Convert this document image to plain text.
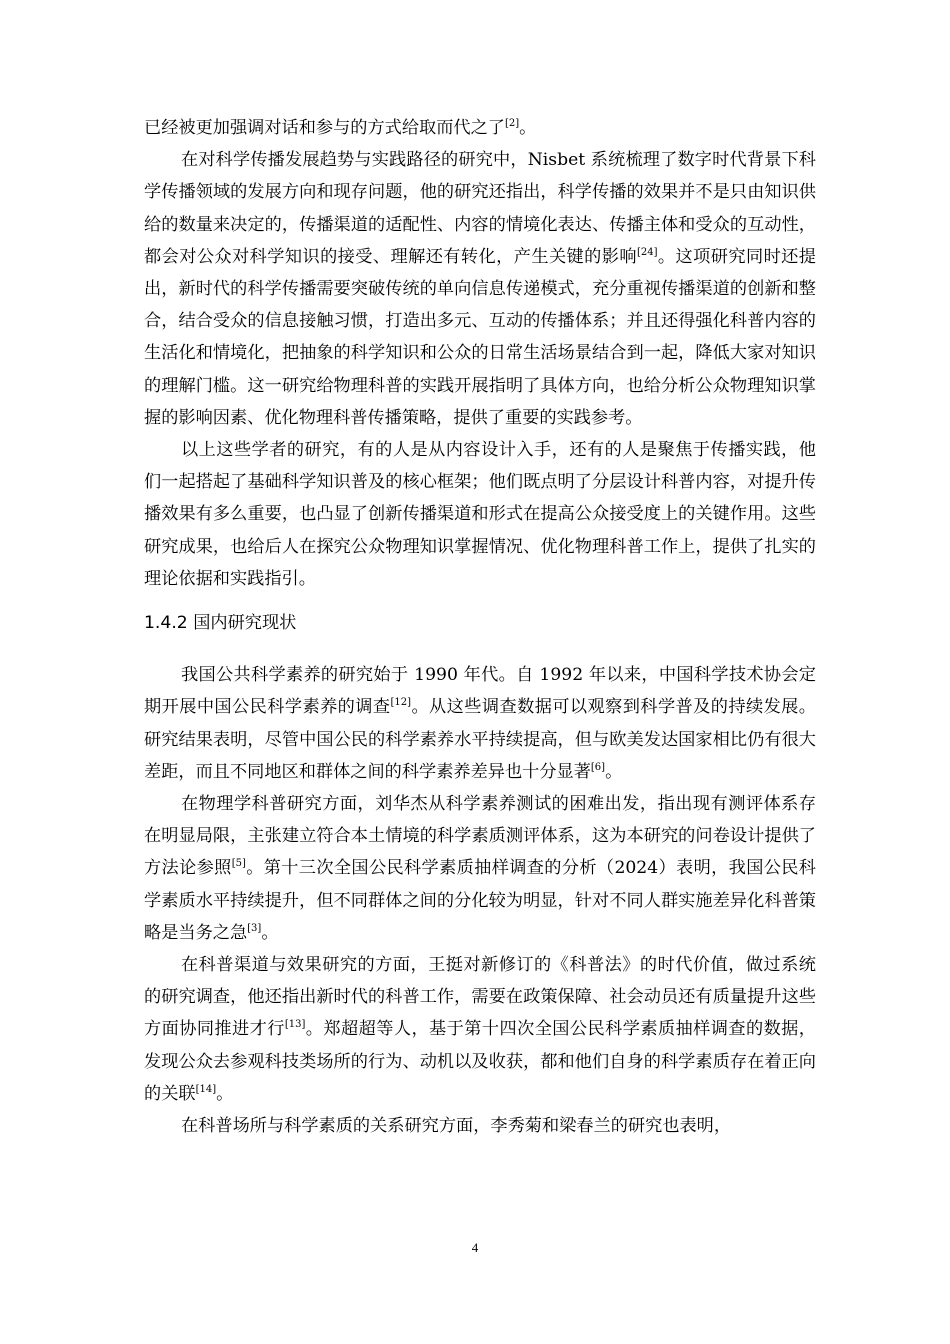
已经被更加强调对话和参与的方式给取而代之了[2]。

在对科学传播发展趋势与实践路径的研究中，Nisbet 系统梳理了数字时代背景下科学传播领域的发展方向和现存问题，他的研究还指出，科学传播的效果并不是只由知识供给的数量来决定的，传播渠道的适配性、内容的情境化表达、传播主体和受众的互动性，都会对公众对科学知识的接受、理解还有转化，产生关键的影响[24]。这项研究同时还提出，新时代的科学传播需要突破传统的单向信息传递模式，充分重视传播渠道的创新和整合，结合受众的信息接触习惯，打造出多元、互动的传播体系；并且还得强化科普内容的生活化和情境化，把抽象的科学知识和公众的日常生活场景结合到一起，降低大家对知识的理解门槛。这一研究给物理科普的实践开展指明了具体方向，也给分析公众物理知识掌握的影响因素、优化物理科普传播策略，提供了重要的实践参考。

以上这些学者的研究，有的人是从内容设计入手，还有的人是聚焦于传播实践，他们一起搭起了基础科学知识普及的核心框架；他们既点明了分层设计科普内容，对提升传播效果有多么重要，也凸显了创新传播渠道和形式在提高公众接受度上的关键作用。这些研究成果，也给后人在探究公众物理知识掌握情况、优化物理科普工作上，提供了扎实的理论依据和实践指引。

1.4.2 国内研究现状

我国公共科学素养的研究始于 1990 年代。自 1992 年以来，中国科学技术协会定期开展中国公民科学素养的调查[12]。从这些调查数据可以观察到科学普及的持续发展。研究结果表明，尽管中国公民的科学素养水平持续提高，但与欧美发达国家相比仍有很大差距，而且不同地区和群体之间的科学素养差异也十分显著[6]。

在物理学科普研究方面，刘华杰从科学素养测试的困难出发，指出现有测评体系存在明显局限，主张建立符合本土情境的科学素质测评体系，这为本研究的问卷设计提供了方法论参照[5]。第十三次全国公民科学素质抽样调查的分析（2024）表明，我国公民科学素质水平持续提升，但不同群体之间的分化较为明显，针对不同人群实施差异化科普策略是当务之急[3]。

在科普渠道与效果研究的方面，王挺对新修订的《科普法》的时代价值，做过系统的研究调查，他还指出新时代的科普工作，需要在政策保障、社会动员还有质量提升这些方面协同推进才行[13]。郑超超等人，基于第十四次全国公民科学素质抽样调查的数据，发现公众去参观科技类场所的行为、动机以及收获，都和他们自身的科学素质存在着正向的关联[14]。

在科普场所与科学素质的关系研究方面，李秀菊和梁春兰的研究也表明，

4
